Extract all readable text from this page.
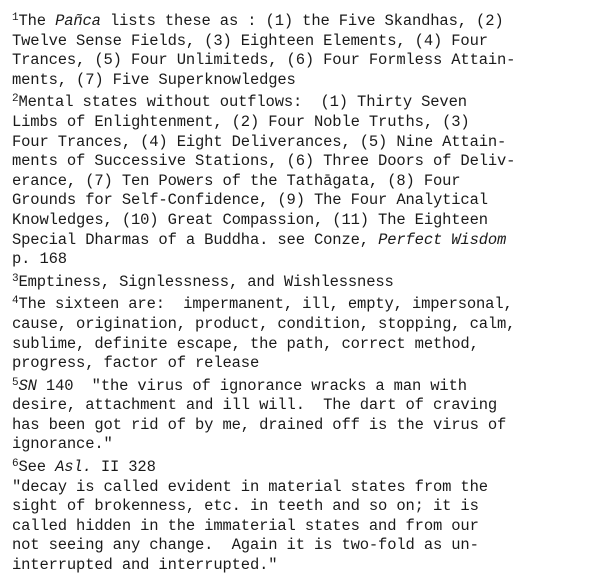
$^1$The Pañca lists these as : (1) the Five Skandhas, (2)
Twelve Sense Fields, (3) Eighteen Elements, (4) Four
Trances, (5) Four Unlimiteds, (6) Four Formless Attain-
ments, (7) Five Superknowledges
$^2$Mental states without outflows:  (1) Thirty Seven
Limbs of Enlightenment, (2) Four Noble Truths, (3)
Four Trances, (4) Eight Deliverances, (5) Nine Attain-
ments of Successive Stations, (6) Three Doors of Deliv-
erance, (7) Ten Powers of the Tathāgata, (8) Four
Grounds for Self-Confidence, (9) The Four Analytical
Knowledges, (10) Great Compassion, (11) The Eighteen
Special Dharmas of a Buddha. see Conze, Perfect Wisdom
p. 168
$^3$Emptiness, Signlessness, and Wishlessness
$^4$The sixteen are:  impermanent, ill, empty, impersonal,
cause, origination, product, condition, stopping, calm,
sublime, definite escape, the path, correct method,
progress, factor of release
$^5$SN 140  "the virus of ignorance wracks a man with
desire, attachment and ill will.  The dart of craving
has been got rid of by me, drained off is the virus of
ignorance."
$^6$See Asl. II 328
"decay is called evident in material states from the
sight of brokenness, etc. in teeth and so on; it is
called hidden in the immaterial states and from our
not seeing any change.  Again it is two-fold as un-
interrupted and interrupted."
